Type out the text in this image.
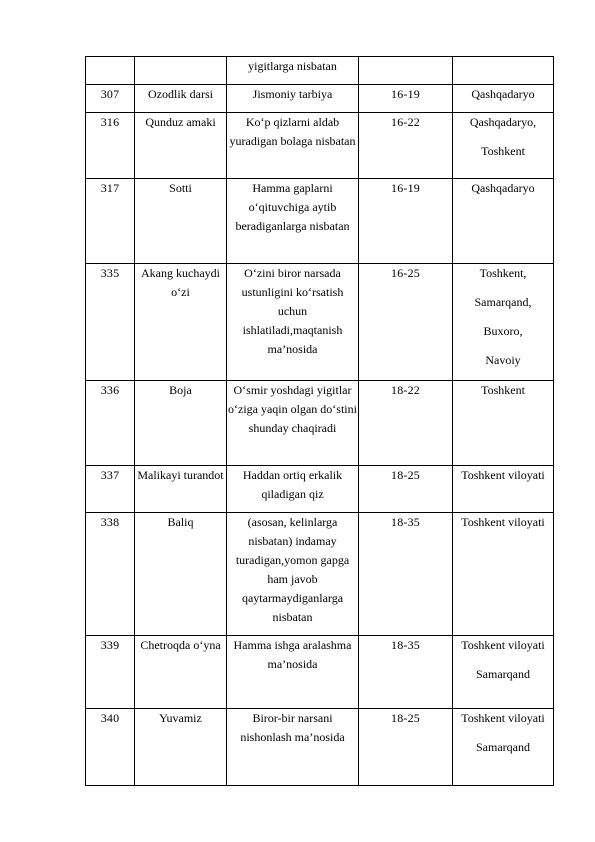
		yigitlarga nisbatan		

307	Ozodlik darsi	Jismoniy tarbiya	16-19	Qashqadaryo

316	Qunduz amaki	Ko‘p qizlarni aldab yuradigan bolaga nisbatan	16-22	Qashqadaryo,
Toshkent

317	Sotti	Hamma gaplarni o‘qituvchiga aytib beradiganlarga nisbatan	16-19	Qashqadaryo

335	Akang kuchaydi o‘zi	O‘zini biror narsada ustunligini ko‘rsatish uchun ishlatiladi,maqtanish ma’nosida	16-25	Toshkent,
Samarqand,
Buxoro,
Navoiy

336	Boja	O‘smir yoshdagi yigitlar o‘ziga yaqin olgan do‘stini shunday chaqiradi	18-22	Toshkent

337	Malikayi turandot	Haddan ortiq erkalik qiladigan qiz	18-25	Toshkent viloyati

338	Baliq	(asosan, kelinlarga nisbatan) indamay turadigan,yomon gapga ham javob qaytarmaydiganlarga nisbatan	18-35	Toshkent viloyati

339	Chetroqda o‘yna	Hamma ishga aralashma ma’nosida	18-35	Toshkent viloyati
Samarqand

340	Yuvamiz	Biror-bir narsani nishonlash ma’nosida	18-25	Toshkent viloyati
Samarqand
